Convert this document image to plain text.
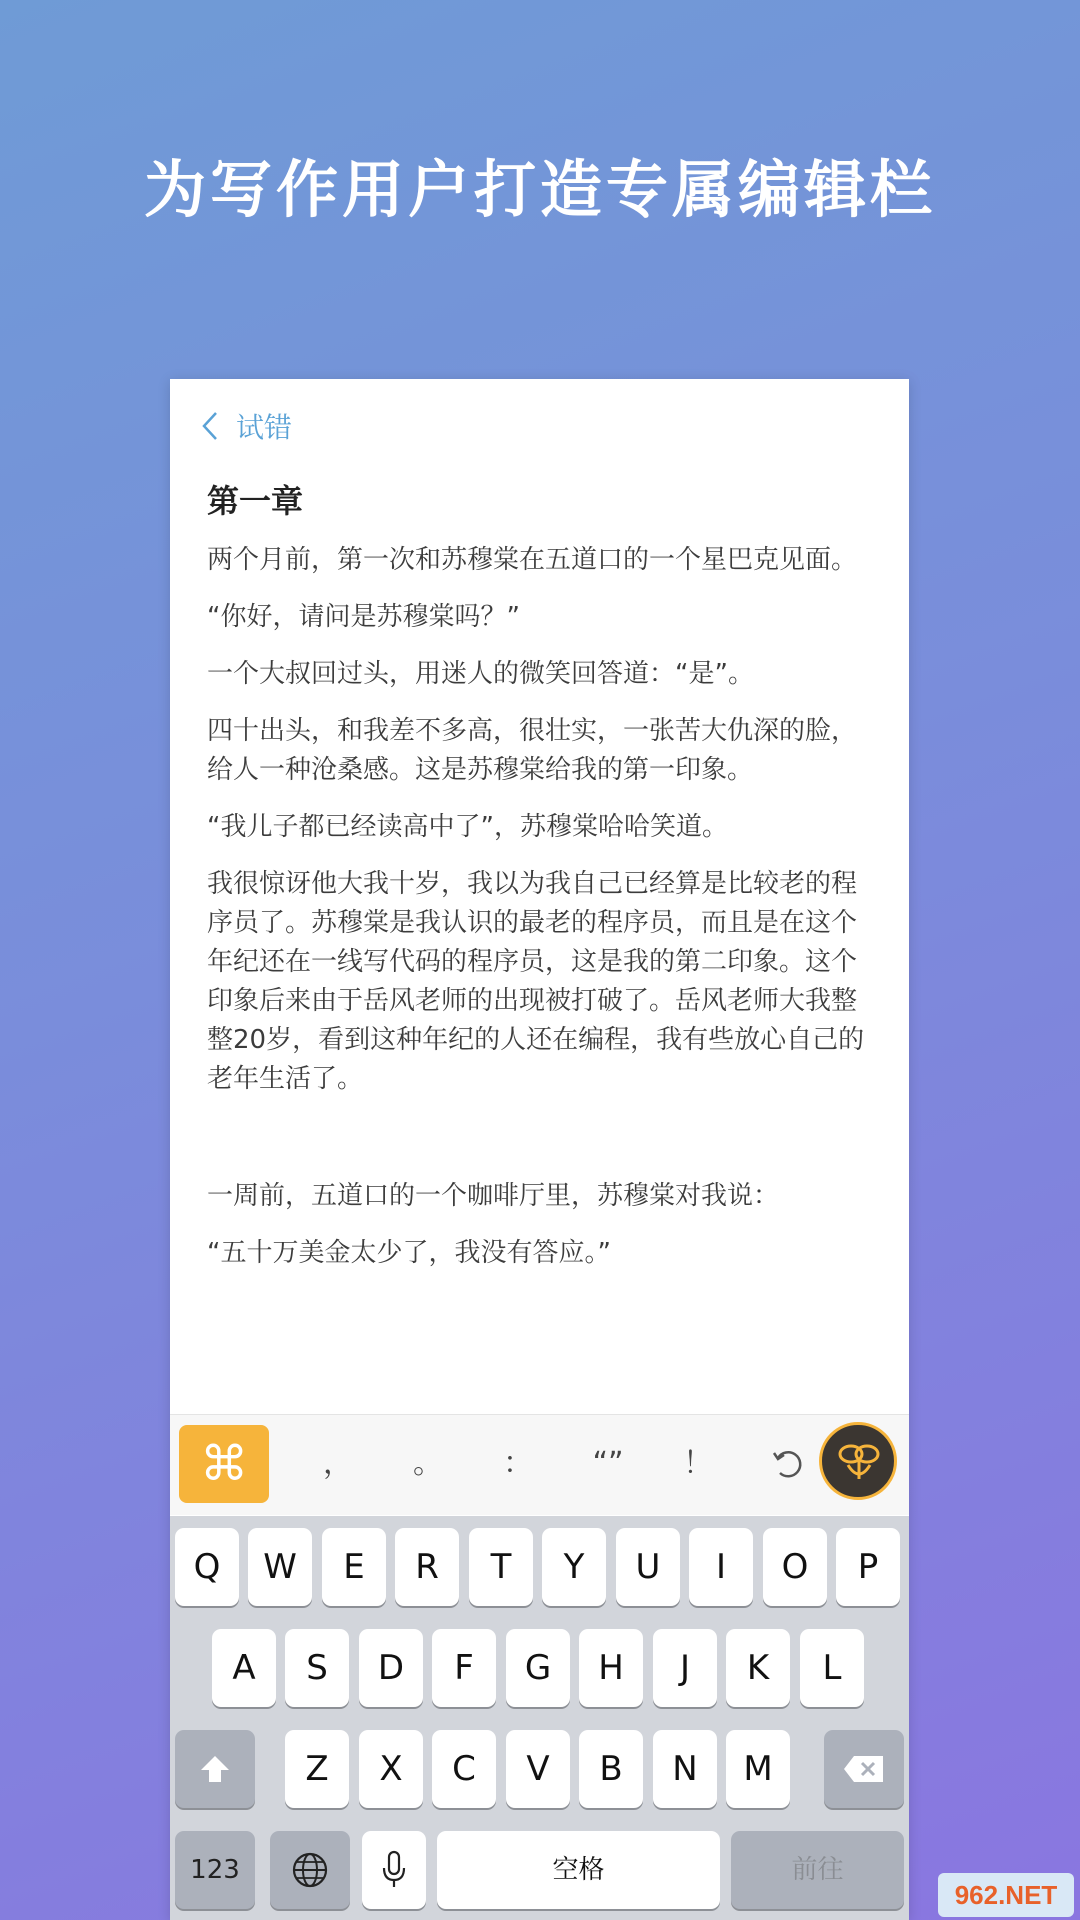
为写作用户打造专属编辑栏
试错
第一章

两个月前，第一次和苏穆棠在五道口的一个星巴克见面。

“你好，请问是苏穆棠吗？”

一个大叔回过头，用迷人的微笑回答道：“是”。

四十出头，和我差不多高，很壮实，一张苦大仇深的脸，给人一种沧桑感。这是苏穆棠给我的第一印象。

“我儿子都已经读高中了”，苏穆棠哈哈笑道。

我很惊讶他大我十岁，我以为我自己已经算是比较老的程序员了。苏穆棠是我认识的最老的程序员，而且是在这个年纪还在一线写代码的程序员，这是我的第二印象。这个印象后来由于岳风老师的出现被打破了。岳风老师大我整整20岁，看到这种年纪的人还在编程，我有些放心自己的老年生活了。

一周前，五道口的一个咖啡厅里，苏穆棠对我说：

“五十万美金太少了，我没有答应。”

⌘	，	。	：	“”	！
Q	W	E	R	T	Y	U	I	O	P
A	S	D	F	G	H	J	K	L
Z	X	C	V	B	N	M
123	空格	前往
962.NET
